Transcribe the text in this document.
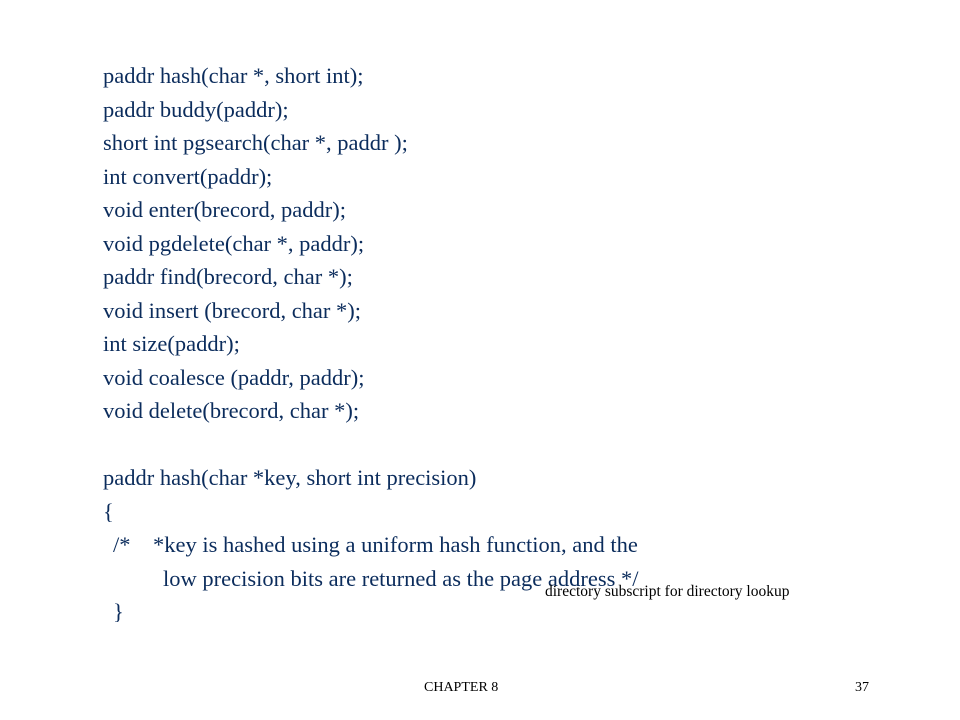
paddr hash(char *, short int);
paddr buddy(paddr);
short int pgsearch(char *, paddr );
int convert(paddr);
void enter(brecord, paddr);
void pgdelete(char *, paddr);
paddr find(brecord, char *);
void insert (brecord, char *);
int size(paddr);
void coalesce (paddr, paddr);
void delete(brecord, char *);
paddr hash(char *key, short int precision)
{
/*    *key is hashed using a uniform hash function, and the
low precision bits are returned as the page address */
}
directory subscript for directory lookup
CHAPTER 8	37
